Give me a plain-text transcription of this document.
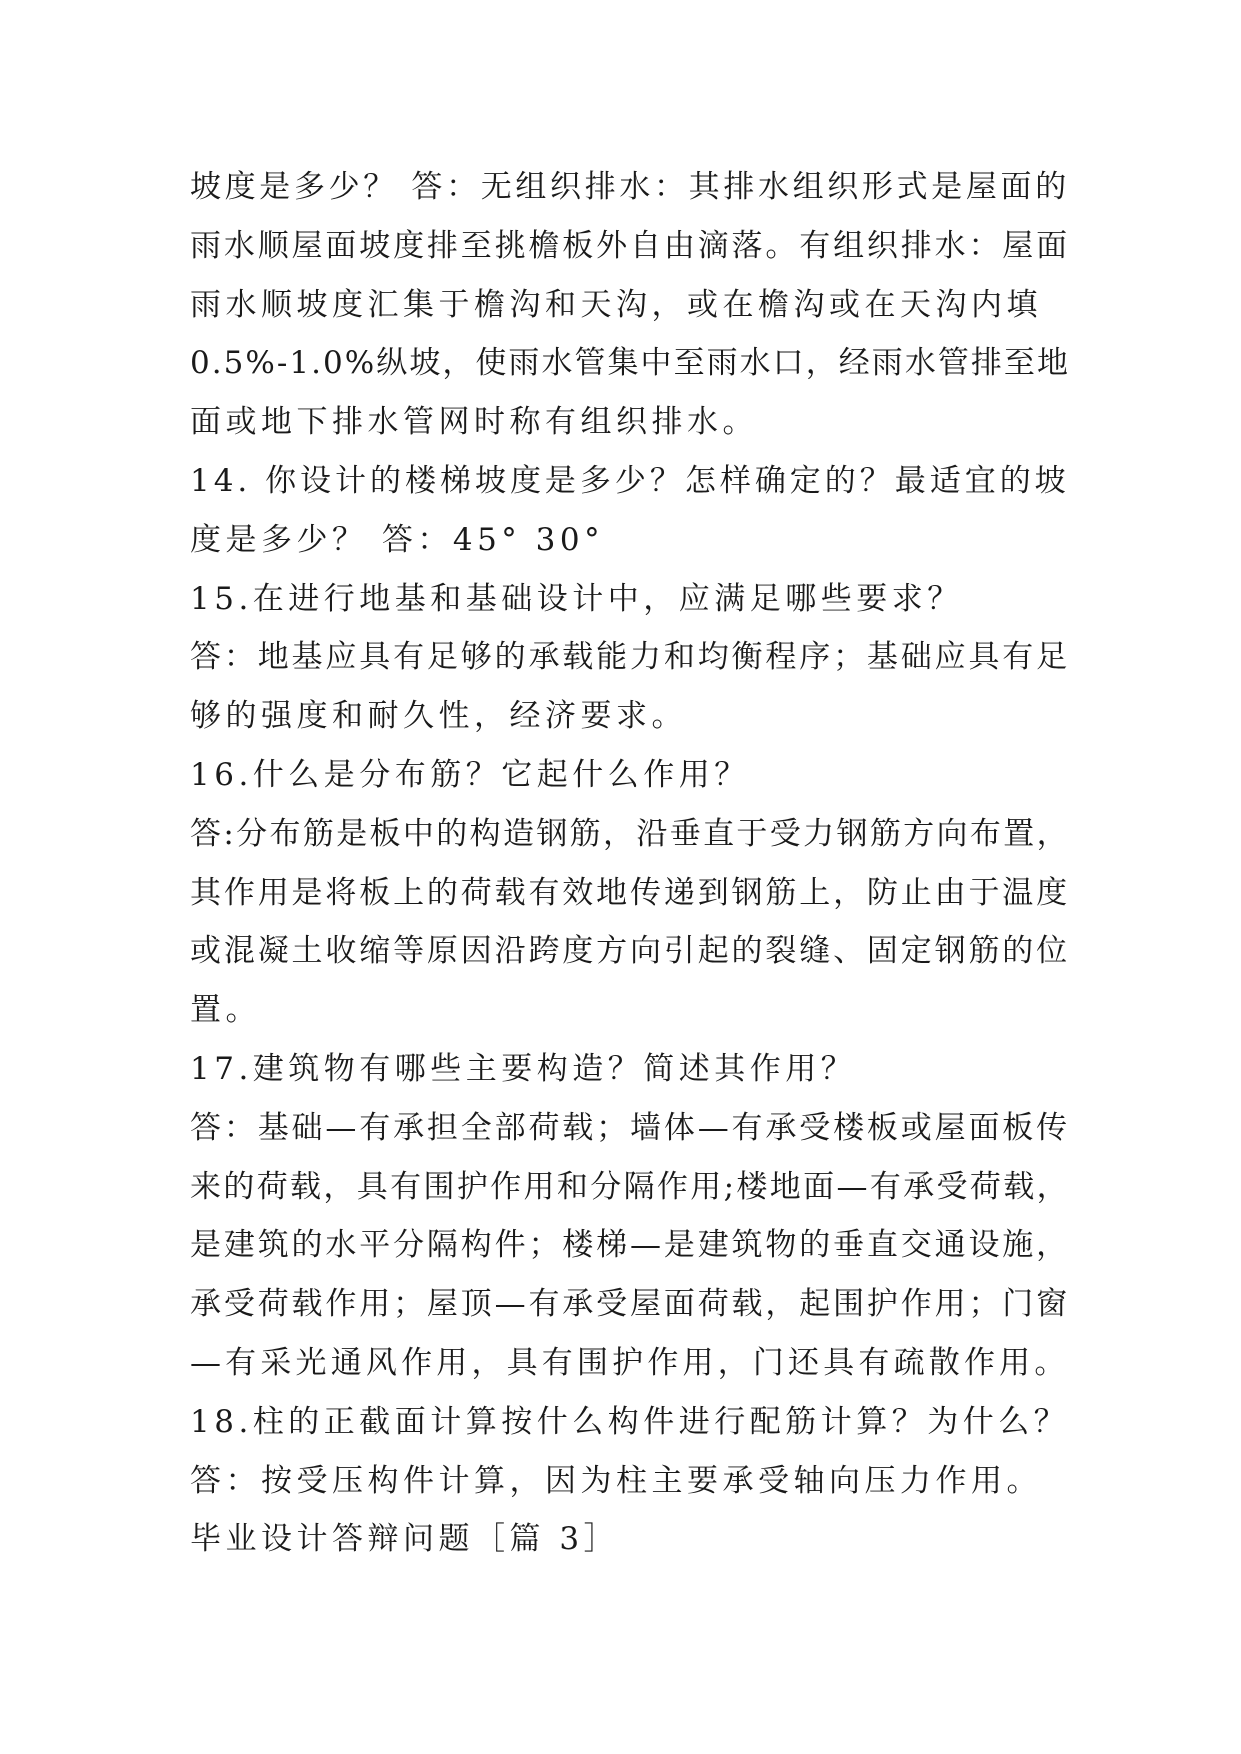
坡度是多少？ 答：无组织排水：其排水组织形式是屋面的
雨水顺屋面坡度排至挑檐板外自由滴落。有组织排水：屋面
雨水顺坡度汇集于檐沟和天沟，或在檐沟或在天沟内填
0.5%-1.0%纵坡，使雨水管集中至雨水口，经雨水管排至地
面或地下排水管网时称有组织排水。
14. 你设计的楼梯坡度是多少？怎样确定的？最适宜的坡
度是多少？ 答：45° 30°
15.在进行地基和基础设计中，应满足哪些要求？
答：地基应具有足够的承载能力和均衡程序；基础应具有足
够的强度和耐久性，经济要求。
16.什么是分布筋？它起什么作用？
答:分布筋是板中的构造钢筋，沿垂直于受力钢筋方向布置，
其作用是将板上的荷载有效地传递到钢筋上，防止由于温度
或混凝土收缩等原因沿跨度方向引起的裂缝、固定钢筋的位
置。
17.建筑物有哪些主要构造？简述其作用？
答：基础—有承担全部荷载；墙体—有承受楼板或屋面板传
来的荷载，具有围护作用和分隔作用;楼地面—有承受荷载，
是建筑的水平分隔构件；楼梯—是建筑物的垂直交通设施，
承受荷载作用；屋顶—有承受屋面荷载，起围护作用；门窗
—有采光通风作用，具有围护作用，门还具有疏散作用。
18.柱的正截面计算按什么构件进行配筋计算？为什么？
答：按受压构件计算，因为柱主要承受轴向压力作用。
毕业设计答辩问题［篇 3］
